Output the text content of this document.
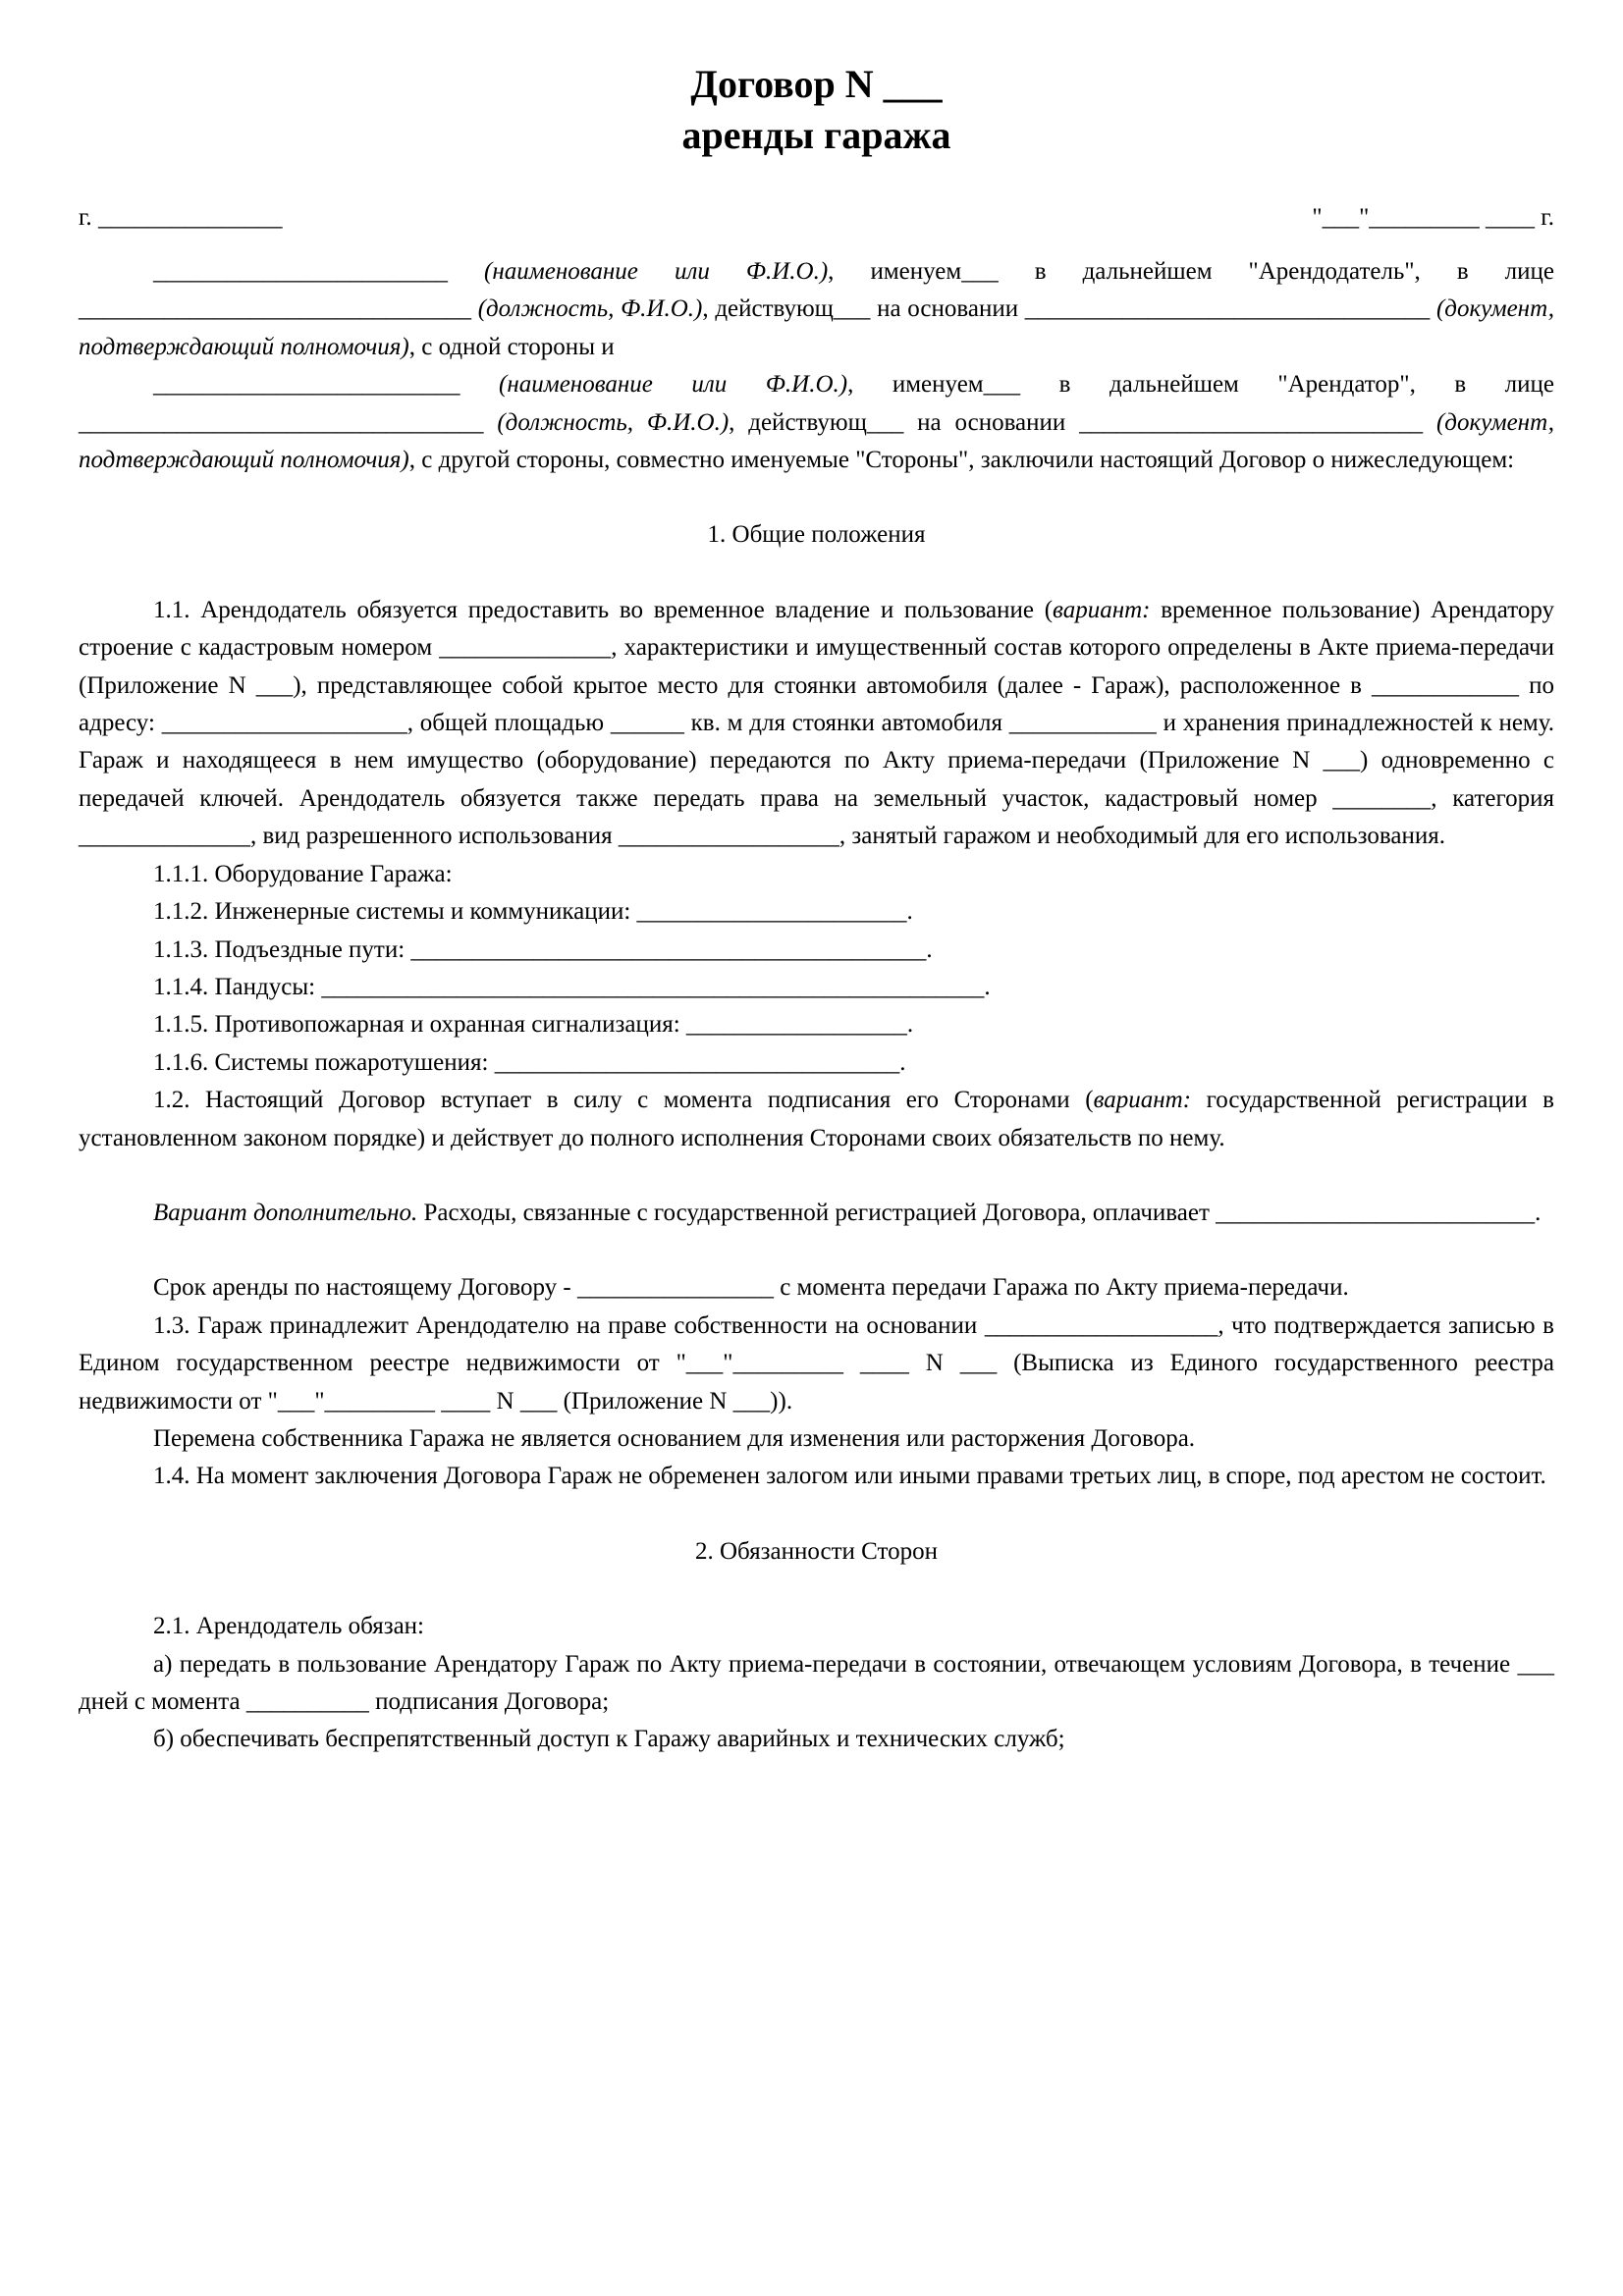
Договор N ___
аренды гаража
г. _______________	"___"_________ ____ г.

________________________ (наименование или Ф.И.О.), именуем___ в дальнейшем "Арендодатель", в лице ________________________________ (должность, Ф.И.О.), действующ___ на основании _________________________________ (документ, подтверждающий полномочия), с одной стороны и

_________________________ (наименование или Ф.И.О.), именуем___ в дальнейшем "Арендатор", в лице _________________________________ (должность, Ф.И.О.), действующ___ на основании ____________________________ (документ, подтверждающий полномочия), с другой стороны, совместно именуемые "Стороны", заключили настоящий Договор о нижеследующем:

1. Общие положения

1.1. Арендодатель обязуется предоставить во временное владение и пользование (вариант: временное пользование) Арендатору строение с кадастровым номером ______________, характеристики и имущественный состав которого определены в Акте приема-передачи (Приложение N ___), представляющее собой крытое место для стоянки автомобиля (далее - Гараж), расположенное в ____________ по адресу: ____________________, общей площадью ______ кв. м для стоянки автомобиля ____________ и хранения принадлежностей к нему. Гараж и находящееся в нем имущество (оборудование) передаются по Акту приема-передачи (Приложение N ___) одновременно с передачей ключей. Арендодатель обязуется также передать права на земельный участок, кадастровый номер ________, категория ______________, вид разрешенного использования __________________, занятый гаражом и необходимый для его использования.

1.1.1. Оборудование Гаража:

1.1.2. Инженерные системы и коммуникации: ______________________.

1.1.3. Подъездные пути: __________________________________________.

1.1.4. Пандусы: ______________________________________________________.

1.1.5. Противопожарная и охранная сигнализация: __________________.

1.1.6. Системы пожаротушения: _________________________________.

1.2. Настоящий Договор вступает в силу с момента подписания его Сторонами (вариант: государственной регистрации в установленном законом порядке) и действует до полного исполнения Сторонами своих обязательств по нему.

Вариант дополнительно. Расходы, связанные с государственной регистрацией Договора, оплачивает __________________________.

Срок аренды по настоящему Договору - ________________ с момента передачи Гаража по Акту приема-передачи.

1.3. Гараж принадлежит Арендодателю на праве собственности на основании ___________________, что подтверждается записью в Едином государственном реестре недвижимости от "___"_________ ____ N ___ (Выписка из Единого государственного реестра недвижимости от "___"_________ ____ N ___ (Приложение N ___)).

Перемена собственника Гаража не является основанием для изменения или расторжения Договора.

1.4. На момент заключения Договора Гараж не обременен залогом или иными правами третьих лиц, в споре, под арестом не состоит.

2. Обязанности Сторон

2.1. Арендодатель обязан:

а) передать в пользование Арендатору Гараж по Акту приема-передачи в состоянии, отвечающем условиям Договора, в течение ___ дней с момента __________ подписания Договора;

б) обеспечивать беспрепятственный доступ к Гаражу аварийных и технических служб;
